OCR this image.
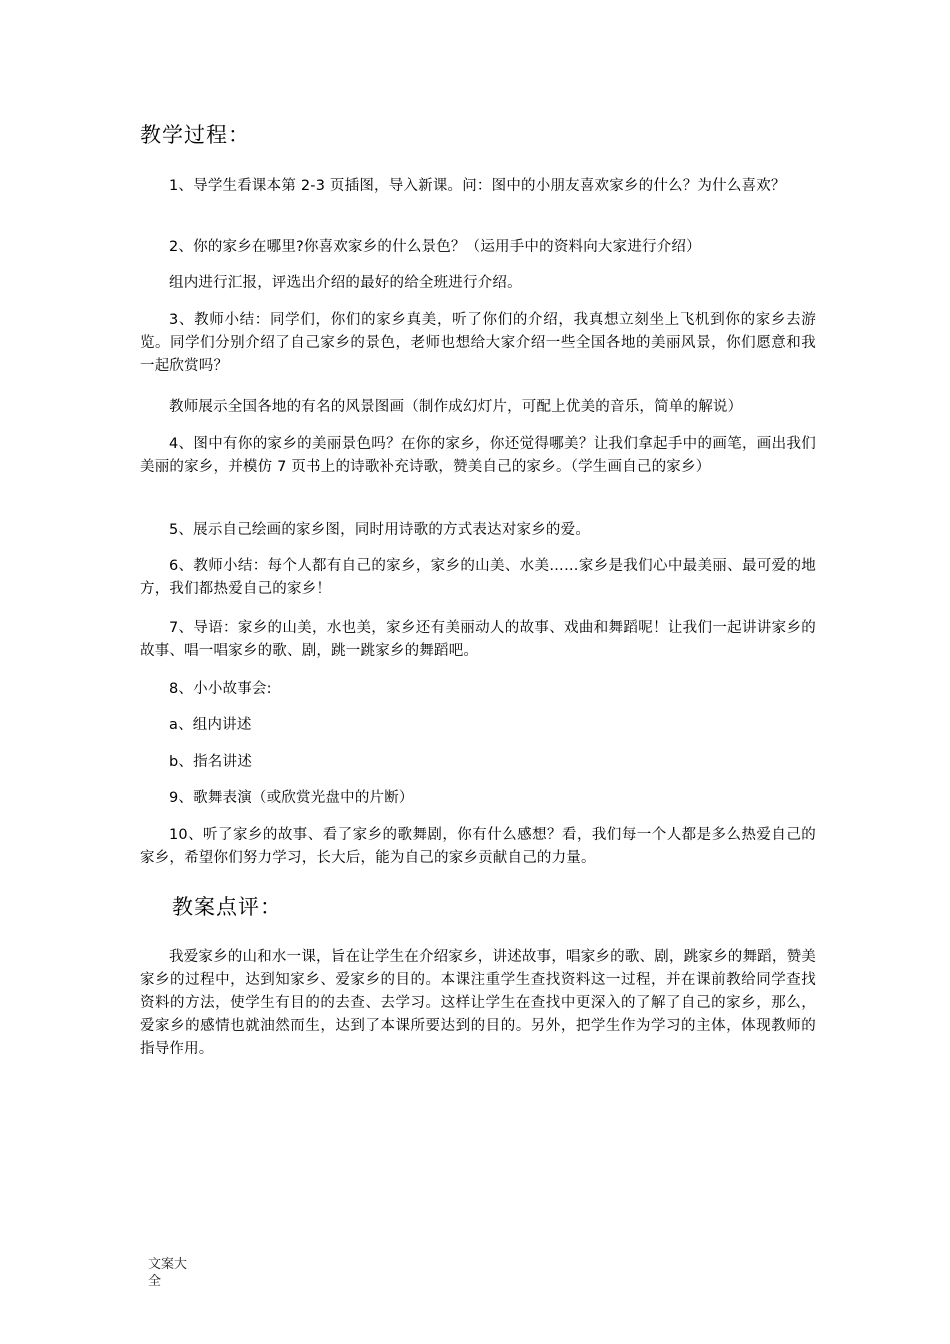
教学过程：

1、导学生看课本第 2-3 页插图，导入新课。问：图中的小朋友喜欢家乡的什么？为什么喜欢？

2、你的家乡在哪里?你喜欢家乡的什么景色？（运用手中的资料向大家进行介绍）

组内进行汇报，评选出介绍的最好的给全班进行介绍。

3、教师小结：同学们，你们的家乡真美，听了你们的介绍，我真想立刻坐上飞机到你的家乡去游览。同学们分别介绍了自己家乡的景色，老师也想给大家介绍一些全国各地的美丽风景，你们愿意和我一起欣赏吗？

教师展示全国各地的有名的风景图画（制作成幻灯片，可配上优美的音乐，简单的解说）

4、图中有你的家乡的美丽景色吗？在你的家乡，你还觉得哪美？让我们拿起手中的画笔，画出我们美丽的家乡，并模仿 7 页书上的诗歌补充诗歌，赞美自己的家乡。（学生画自己的家乡）

5、展示自己绘画的家乡图，同时用诗歌的方式表达对家乡的爱。

6、教师小结：每个人都有自己的家乡，家乡的山美、水美……家乡是我们心中最美丽、最可爱的地方，我们都热爱自己的家乡！

7、导语：家乡的山美，水也美，家乡还有美丽动人的故事、戏曲和舞蹈呢！让我们一起讲讲家乡的故事、唱一唱家乡的歌、剧，跳一跳家乡的舞蹈吧。

8、小小故事会:

a、组内讲述

b、指名讲述

9、歌舞表演（或欣赏光盘中的片断）

10、听了家乡的故事、看了家乡的歌舞剧，你有什么感想？看，我们每一个人都是多么热爱自己的家乡，希望你们努力学习，长大后，能为自己的家乡贡献自己的力量。

教案点评：

我爱家乡的山和水一课，旨在让学生在介绍家乡，讲述故事，唱家乡的歌、剧，跳家乡的舞蹈，赞美家乡的过程中，达到知家乡、爱家乡的目的。本课注重学生查找资料这一过程，并在课前教给同学查找资料的方法，使学生有目的的去查、去学习。这样让学生在查找中更深入的了解了自己的家乡，那么，爱家乡的感情也就油然而生，达到了本课所要达到的目的。另外，把学生作为学习的主体，体现教师的指导作用。

文案大全
